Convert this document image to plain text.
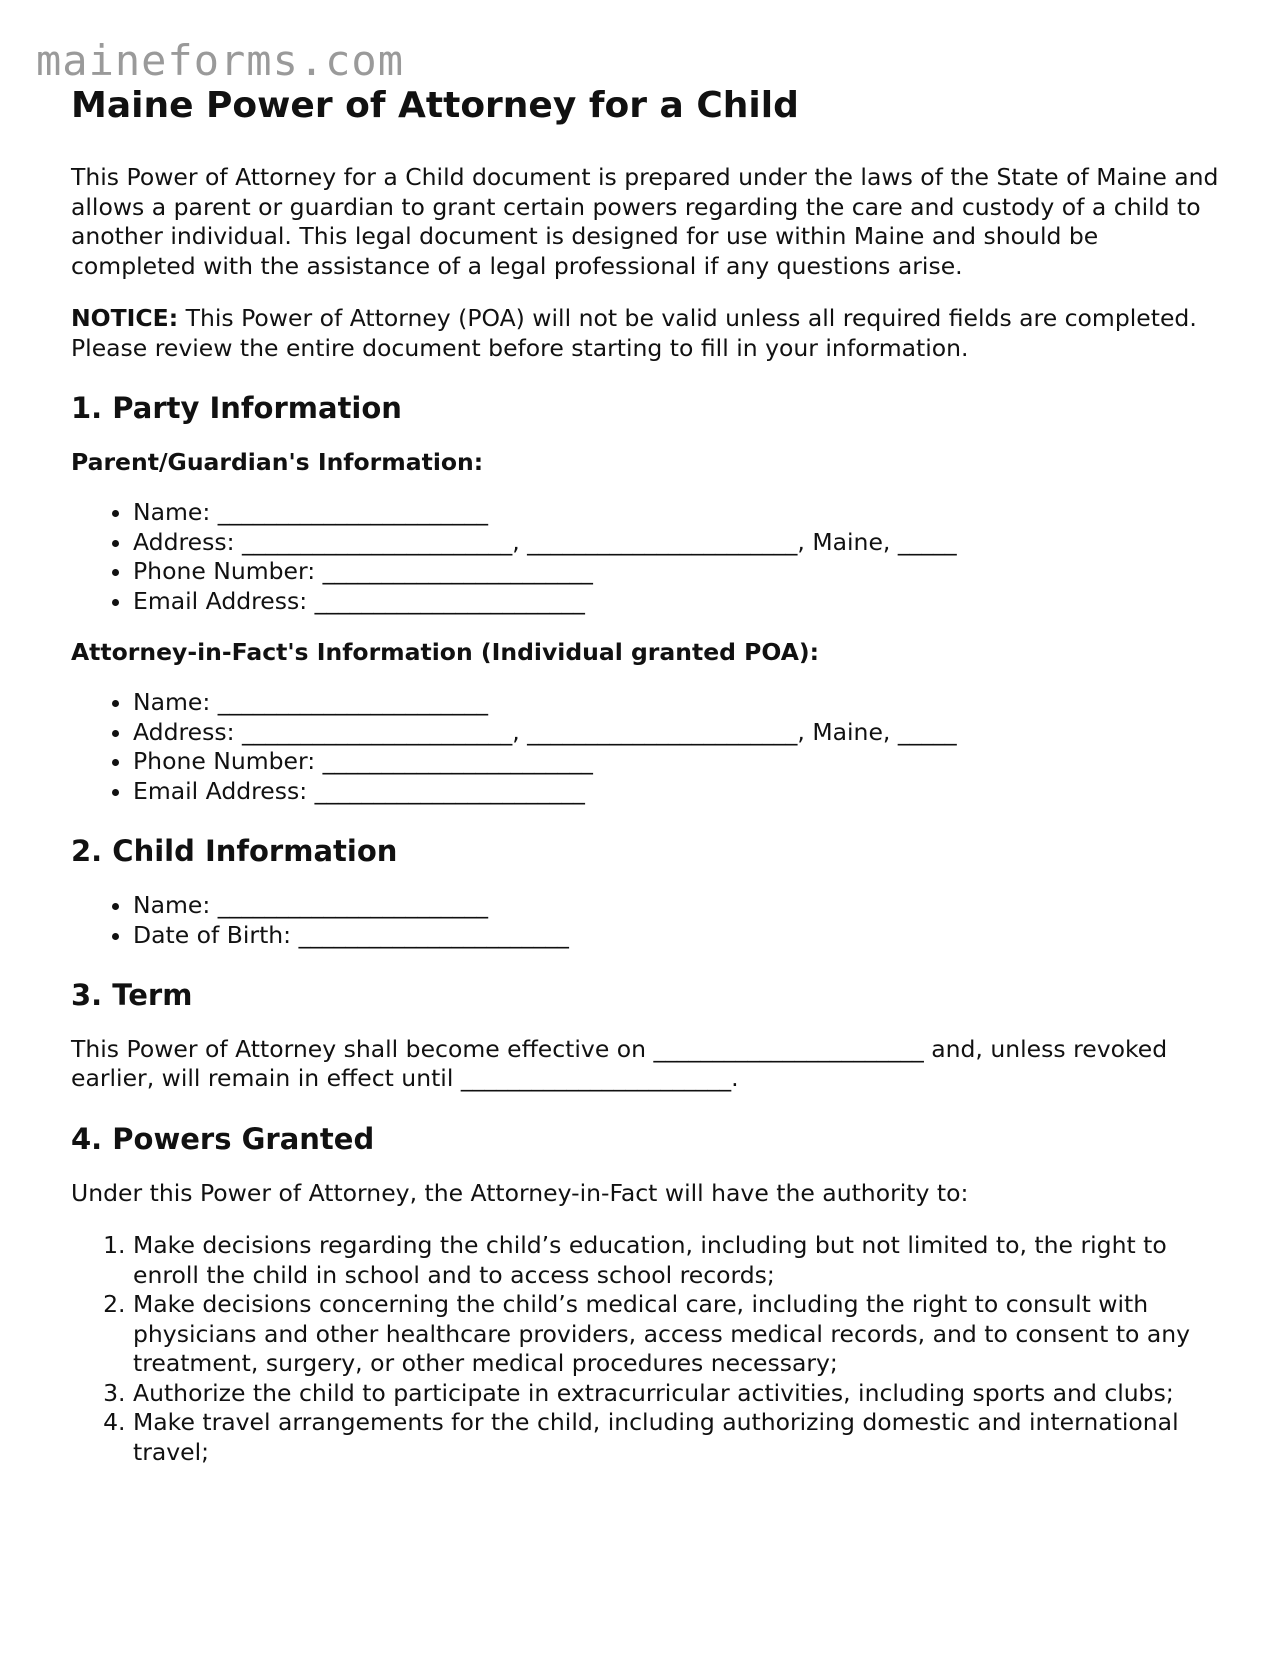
maineforms.com
Maine Power of Attorney for a Child

This Power of Attorney for a Child document is prepared under the laws of the State of Maine and allows a parent or guardian to grant certain powers regarding the care and custody of a child to another individual. This legal document is designed for use within Maine and should be completed with the assistance of a legal professional if any questions arise.

NOTICE: This Power of Attorney (POA) will not be valid unless all required fields are completed. Please review the entire document before starting to fill in your information.

1. Party Information
Parent/Guardian's Information:
• Name: _______________________
• Address: _______________________, _______________________, Maine, _____
• Phone Number: _______________________
• Email Address: _______________________
Attorney-in-Fact's Information (Individual granted POA):
• Name: _______________________
• Address: _______________________, _______________________, Maine, _____
• Phone Number: _______________________
• Email Address: _______________________
2. Child Information
• Name: _______________________
• Date of Birth: _______________________
3. Term

This Power of Attorney shall become effective on _______________________ and, unless revoked earlier, will remain in effect until _______________________.

4. Powers Granted

Under this Power of Attorney, the Attorney-in-Fact will have the authority to:

1. Make decisions regarding the child’s education, including but not limited to, the right to enroll the child in school and to access school records;
2. Make decisions concerning the child’s medical care, including the right to consult with physicians and other healthcare providers, access medical records, and to consent to any treatment, surgery, or other medical procedures necessary;
3. Authorize the child to participate in extracurricular activities, including sports and clubs;
4. Make travel arrangements for the child, including authorizing domestic and international travel;
